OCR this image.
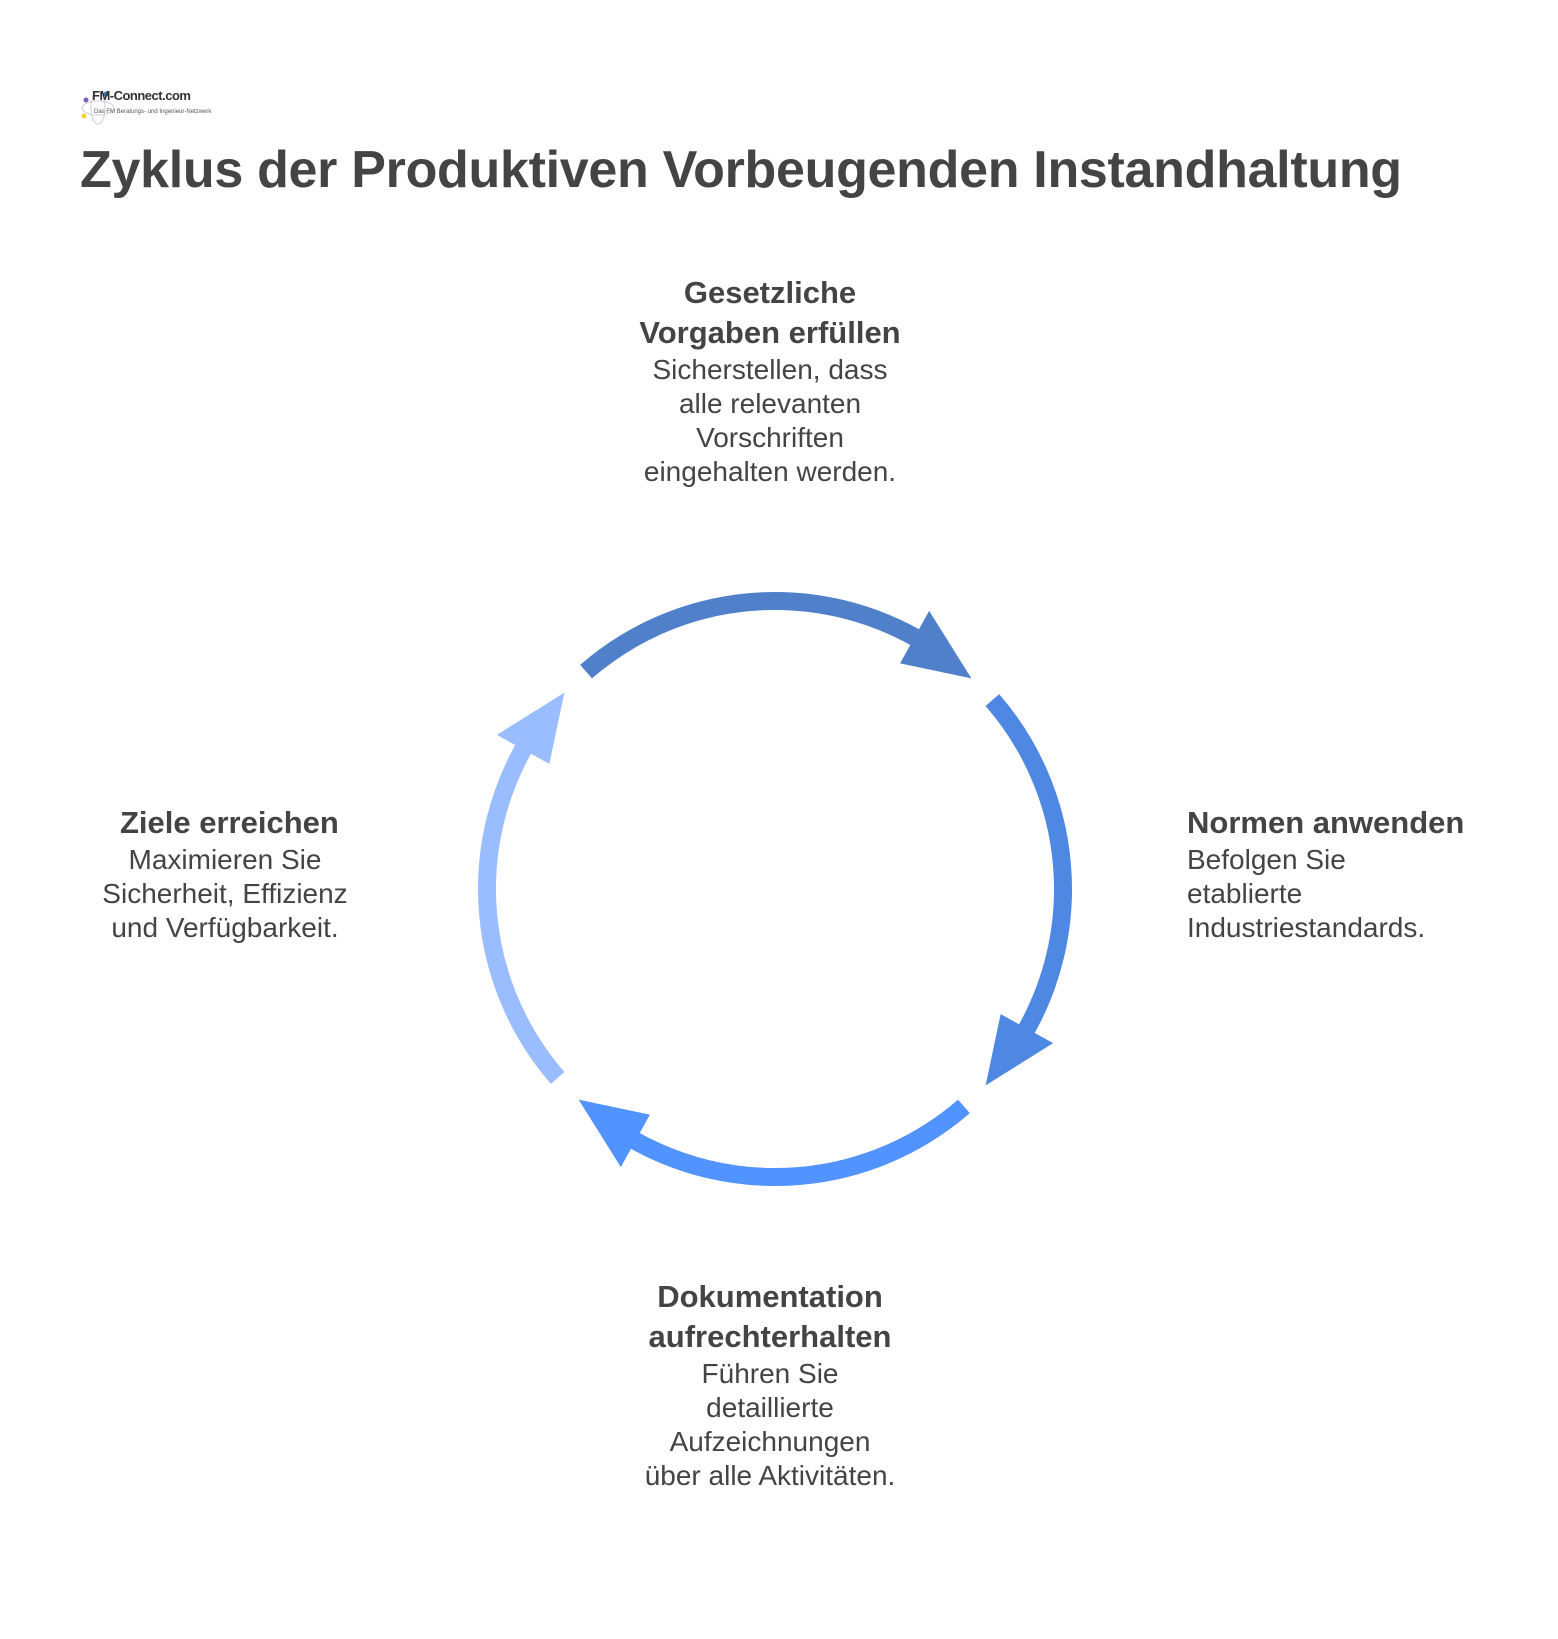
FM-Connect.com
Das FM Beratungs- und Ingenieur-Netzwerk
Zyklus der Produktiven Vorbeugenden Instandhaltung
Gesetzliche
Vorgaben erfüllen

Sicherstellen, dass

alle relevanten

Vorschriften

eingehalten werden.

Normen anwenden

Befolgen Sie

etablierte

Industriestandards.

Dokumentation
aufrechterhalten

Führen Sie

detaillierte

Aufzeichnungen

über alle Aktivitäten.

Ziele erreichen

Maximieren Sie

Sicherheit, Effizienz

und Verfügbarkeit.
